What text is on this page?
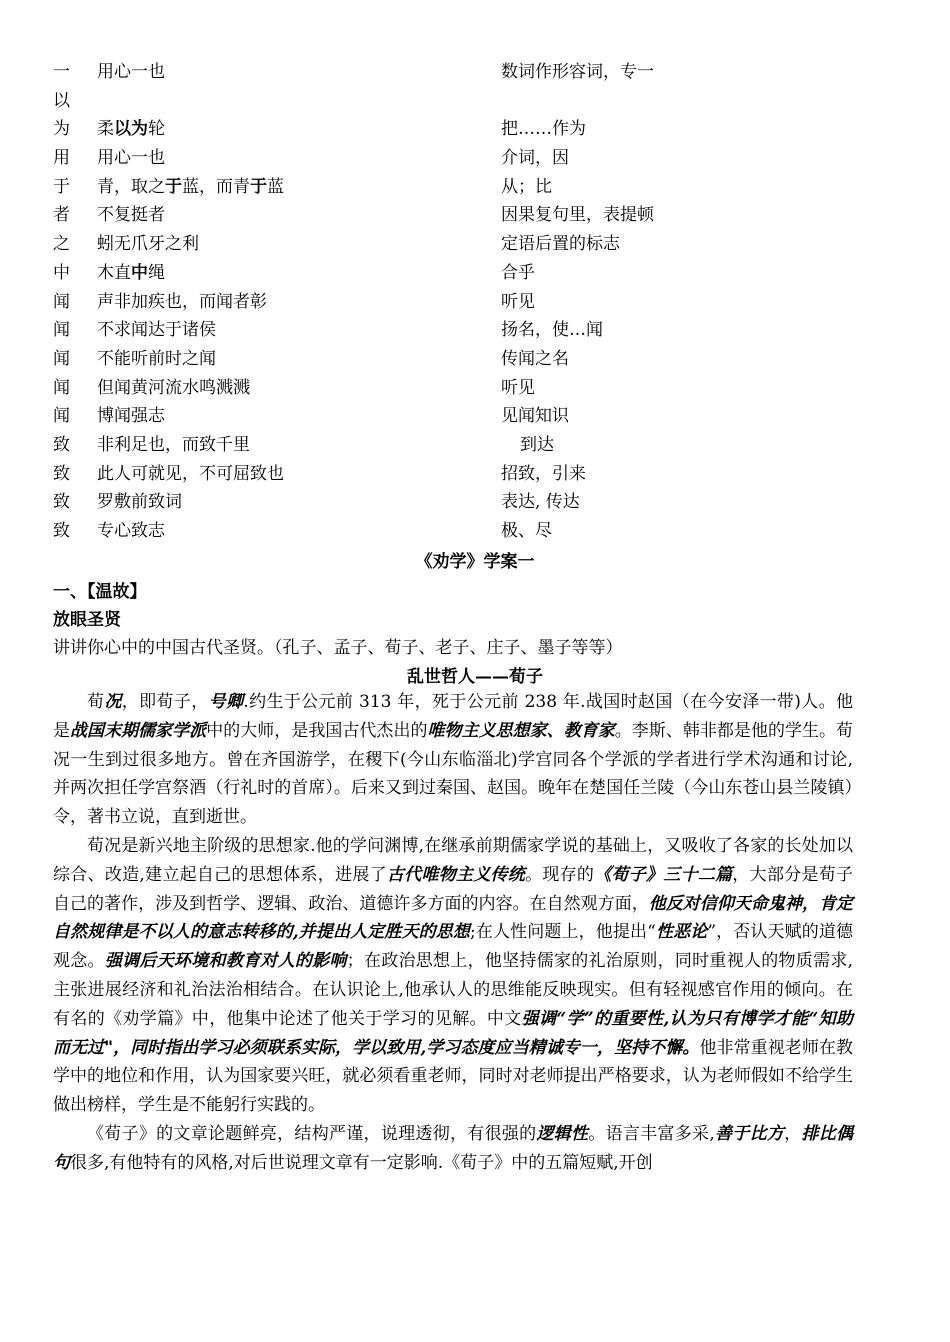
一 用心一也	数词作形容词，专一
以
为 柔以为轮	把……作为
用 用心一也	介词，因
于 青，取之于蓝，而青于蓝	从；比
者 不复挺者	因果复句里，表提顿
之 蚓无爪牙之利	定语后置的标志
中 木直中绳	合乎
闻 声非加疾也，而闻者彰	听见
闻 不求闻达于诸侯	扬名，使…闻
闻 不能听前时之闻	传闻之名
闻 但闻黄河流水鸣溅溅	听见
闻 博闻强志	见闻知识
致 非利足也，而致千里	到达
致 此人可就见，不可屈致也	招致，引来
致 罗敷前致词	表达, 传达
致 专心致志	极、尽
《劝学》学案一
一、【温故】
放眼圣贤
讲讲你心中的中国古代圣贤。（孔子、孟子、荀子、老子、庄子、墨子等等）
乱世哲人——荀子

荀况，即荀子，号卿.约生于公元前 313 年，死于公元前 238 年.战国时赵国（在今安泽一带)人。他是战国末期儒家学派中的大师，是我国古代杰出的唯物主义思想家、教育家。李斯、韩非都是他的学生。荀况一生到过很多地方。曾在齐国游学，在稷下(今山东临淄北)学宫同各个学派的学者进行学术沟通和讨论,并两次担任学宫祭酒（行礼时的首席）。后来又到过秦国、赵国。晚年在楚国任兰陵（今山东苍山县兰陵镇）令，著书立说，直到逝世。

荀况是新兴地主阶级的思想家.他的学问渊博,在继承前期儒家学说的基础上，又吸收了各家的长处加以综合、改造,建立起自己的思想体系，进展了古代唯物主义传统。现存的《荀子》三十二篇，大部分是荀子自己的著作，涉及到哲学、逻辑、政治、道德许多方面的内容。在自然观方面，他反对信仰天命鬼神，肯定自然规律是不以人的意志转移的,并提出人定胜天的思想;在人性问题上，他提出“性恶论”，否认天赋的道德观念。强调后天环境和教育对人的影响；在政治思想上，他坚持儒家的礼治原则，同时重视人的物质需求,主张进展经济和礼治法治相结合。在认识论上,他承认人的思维能反映现实。但有轻视感官作用的倾向。在有名的《劝学篇》中，他集中论述了他关于学习的见解。中文强调“学”的重要性,认为只有博学才能“知助而无过"，同时指出学习必须联系实际，学以致用,学习态度应当精诚专一，坚持不懈。他非常重视老师在教学中的地位和作用，认为国家要兴旺，就必须看重老师，同时对老师提出严格要求，认为老师假如不给学生做出榜样，学生是不能躬行实践的。

《荀子》的文章论题鲜亮，结构严谨，说理透彻，有很强的逻辑性。语言丰富多采,善于比方，排比偶句很多,有他特有的风格,对后世说理文章有一定影响.《荀子》中的五篇短赋,开创
